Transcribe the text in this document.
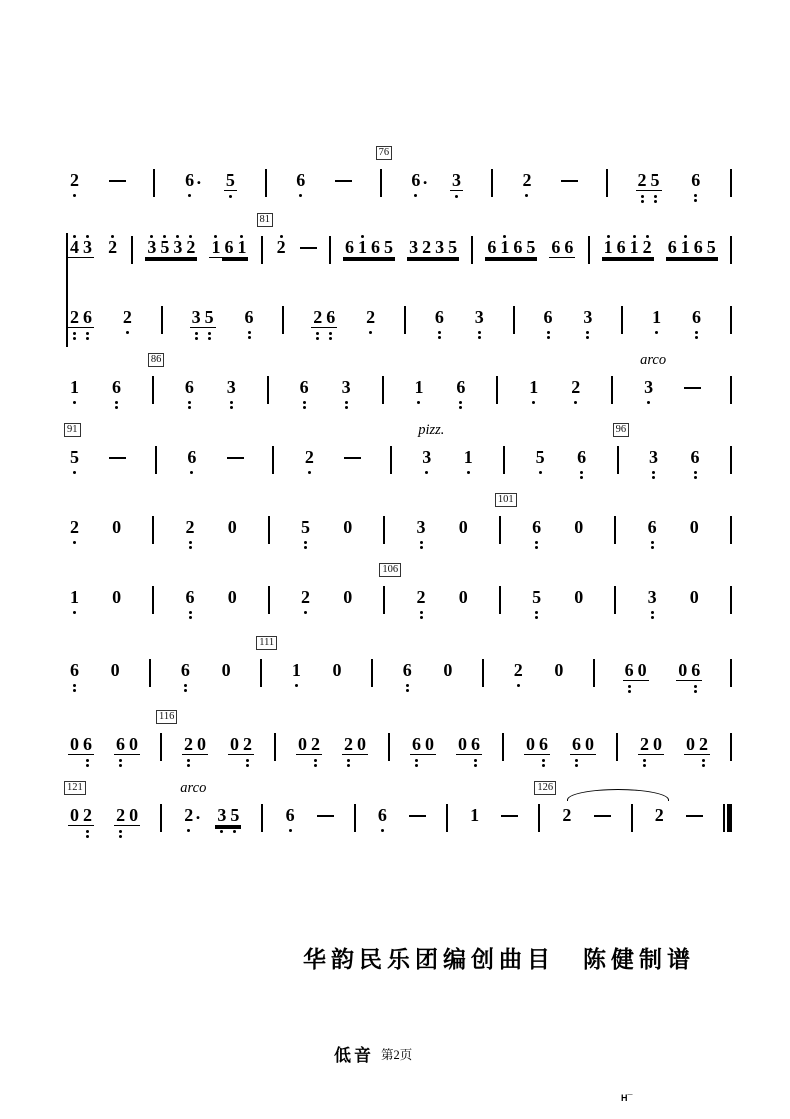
2	6 . 5	6
76
6 . 3	2	2 5 6
4 3 2 3 5 3 2 1 6 1
81
2	6 1 6 5 3 2 3 5 6 1 6 5 6 6 1 6 1 2 6 1 6 5
2 6 2	3 5 6	2 6 2	6 3	6 3	1 6
1 6
86
6 3	6 3	1 6	1 2	3
arco
5
91
6	2	3
pizz.
1	5 6
96
3 6
2 0	2 0	5 0	3 0
101
6 0	6 0
1 0	6 0	2 0
106
2 0	5 0	3 0
6 0	6 0
111
1 0	6 0	2 0	6 0 0 6
0 6 6 0
116
2 0 0 2	0 2 2 0	6 0 0 6	0 6 6 0	2 0 0 2
0 2
121
2 0	2 .
arco
3 5	6	6	1
126
2	2
华韵民乐团编创曲目　陈健制谱
低音 第2页
H¯
